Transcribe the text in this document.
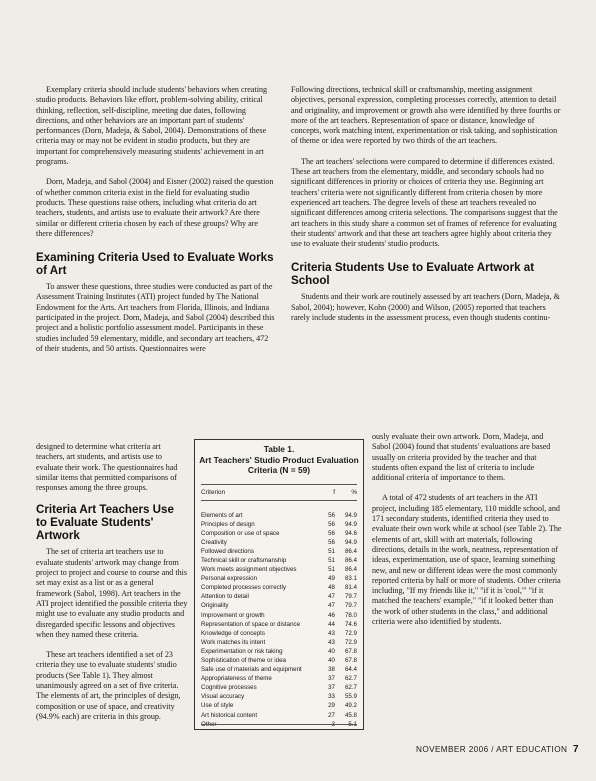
Exemplary criteria should include students' behaviors when creating studio products. Behaviors like effort, problem-solving ability, critical thinking, reflection, self-discipline, meeting due dates, following directions, and other behaviors are an important part of students' performances (Dorn, Madeja, & Sabol, 2004). Demonstrations of these criteria may or may not be evident in studio products, but they are important for comprehensively measuring students' achievement in art programs.

Dorn, Madeja, and Sabol (2004) and Eisner (2002) raised the question of whether common criteria exist in the field for evaluating studio products. These questions raise others, including what criteria do art teachers, students, and artists use to evaluate their artwork? Are there similar or different criteria chosen by each of these groups? Why are there differences?

Examining Criteria Used to Evaluate Works of Art

To answer these questions, three studies were conducted as part of the Assessment Training Institutes (ATI) project funded by The National Endowment for the Arts. Art teachers from Florida, Illinois, and Indiana participated in the project. Dorn, Madeja, and Sabol (2004) described this project and a holistic portfolio assessment model. Participants in these studies included 59 elementary, middle, and secondary art teachers, 472 of their students, and 50 artists. Questionnaires were

designed to determine what criteria art teachers, art students, and artists use to evaluate their work. The questionnaires had similar items that permitted comparisons of responses among the three groups.

Criteria Art Teachers Use to Evaluate Students' Artwork

The set of criteria art teachers use to evaluate students' artwork may change from project to project and course to course and this set may exist as a list or as a general framework (Sabol, 1998). Art teachers in the ATI project identified the possible criteria they might use to evaluate any studio products and disregarded specific lessons and objectives when they named these criteria.

These art teachers identified a set of 23 criteria they use to evaluate students' studio products (See Table 1). They almost unanimously agreed on a set of five criteria. The elements of art, the principles of design, composition or use of space, and creativity (94.9% each) are criteria in this group.

Following directions, technical skill or craftsmanship, meeting assignment objectives, personal expression, completing processes correctly, attention to detail and originality, and improvement or growth also were identified by three fourths or more of the art teachers. Representation of space or distance, knowledge of concepts, work matching intent, experimentation or risk taking, and sophistication of theme or idea were reported by two thirds of the art teachers.

The art teachers' selections were compared to determine if differences existed. These art teachers from the elementary, middle, and secondary schools had no significant differences in priority or choices of criteria they use. Beginning art teachers' criteria were not significantly different from criteria chosen by more experienced art teachers. The degree levels of these art teachers revealed no significant differences among criteria selections. The comparisons suggest that the art teachers in this study share a common set of frames of reference for evaluating their students' artwork and that these art teachers agree highly about criteria they use to evaluate their students' studio products.

Criteria Students Use to Evaluate Artwork at School

Students and their work are routinely assessed by art teachers (Dorn, Madeja, & Sabol, 2004); however, Kohn (2000) and Wilson, (2005) reported that teachers rarely include students in the assessment process, even though students continu-

ously evaluate their own artwork. Dorn, Madeja, and Sabol (2004) found that students' evaluations are based usually on criteria provided by the teacher and that students often expand the list of criteria to include additional criteria of importance to them.

A total of 472 students of art teachers in the ATI project, including 185 elementary, 110 middle school, and 171 secondary students, identified criteria they used to evaluate their own work while at school (see Table 2). The elements of art, skill with art materials, following directions, details in the work, neatness, representation of ideas, experimentation, use of space, learning something new, and new or different ideas were the most commonly reported criteria by half or more of students. Other criteria including, "If my friends like it," "if it is 'cool,'" "if it matched the teachers' example," "if it looked better than the work of other students in the class," and additional criteria were also identified by students.

Table 1.
Art Teachers' Studio Product Evaluation
Criteria (N = 59)
Criterion	f	%
Elements of art	56	94.9
Principles of design	56	94.9
Composition or use of space	56	94.6
Creativity	56	94.9
Followed directions	51	86.4
Technical skill or craftsmanship	51	86.4
Work meets assignment objectives	51	86.4
Personal expression	49	83.1
Completed processes correctly	48	81.4
Attention to detail	47	79.7
Originality	47	79.7
Improvement or growth	46	78.0
Representation of space or distance	44	74.6
Knowledge of concepts	43	72.9
Work matches its intent	43	72.9
Experimentation or risk taking	40	67.8
Sophistication of theme or idea	40	67.8
Safe use of materials and equipment	38	64.4
Appropriateness of theme	37	62.7
Cognitive processes	37	62.7
Visual accuracy	33	55.9
Use of style	29	49.2
Art historical content	27	45.8
Other	3	5.1
NOVEMBER 2006 / ART EDUCATION 7
